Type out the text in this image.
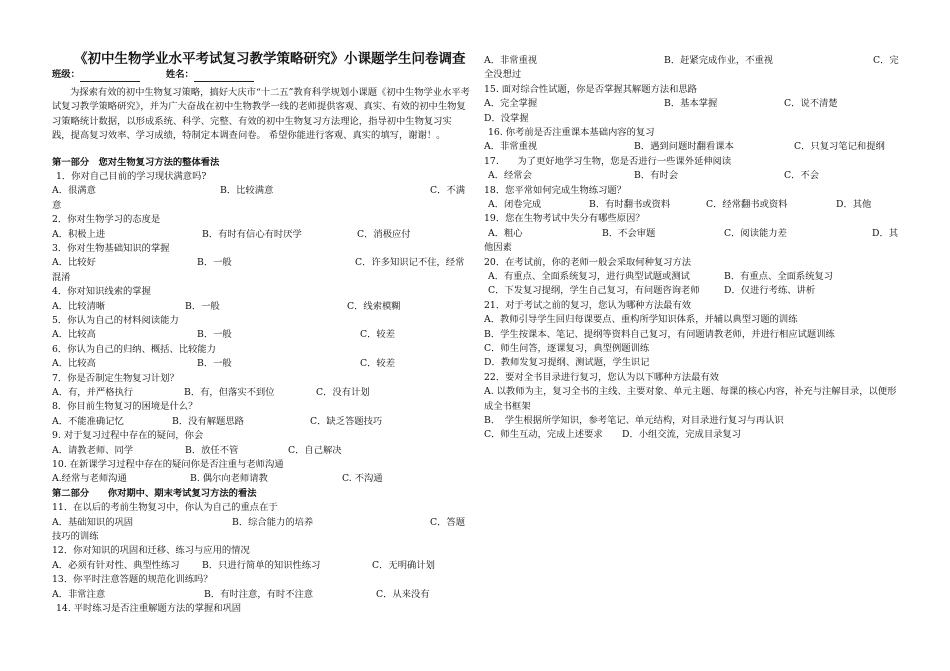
《初中生物学业水平考试复习教学策略研究》小课题学生问卷调查
班级：	姓名：
为探索有效的初中生物复习策略，搞好大庆市“十二五”教育科学规划小课题《初中生物学业水平考试复习教学策略研究》，并为广大奋战在初中生物教学一线的老师提供客观、真实、有效的初中生物复习策略统计数据，以形成系统、科学、完整、有效的初中生物复习方法理论，指导初中生物复习实践，提高复习效率、学习成绩，特制定本调查问卷。 希望你能进行客观、真实的填写，谢谢！。
第一部分　您对生物复习方法的整体看法
1．你对自己目前的学习现状满意吗?
A．很满意	B．比较满意	C．不满
意
2．你对生物学习的态度是
A．积极上进	B．有时有信心有时厌学	C．消极应付
3．你对生物基础知识的掌握
A．比较好	B．一般	C．许多知识记不住，经常
混淆
4．你对知识线索的掌握
A．比较清晰	B．一般	C．线索模糊
5．你认为自己的材料阅读能力
A．比较高	B．一般	C．较差
6．你认为自己的归纳、概括、比较能力
A．比较高	B．一般	C．较差
7．你是否制定生物复习计划？
A．有，并严格执行	B．有，但落实不到位	C．没有计划
8．你目前生物复习的困境是什么？
A．不能准确记忆	B．没有解题思路	C．缺乏答题技巧
9. 对于复习过程中存在的疑问，你会
A．请教老师、同学	B．放任不管	C．自己解决
10. 在新课学习过程中存在的疑问你是否注重与老师沟通
A.经常与老师沟通	B. 偶尔向老师请教	C. 不沟通
第二部分　　你对期中、期末考试复习方法的看法
11．在以后的考前生物复习中，你认为自己的重点在于
A．基础知识的巩固	B．综合能力的培养	C．答题
技巧的训练
12．你对知识的巩固和迁移、练习与应用的情况
A．必须有针对性、典型性练习 B．只进行简单的知识性练习	C．无明确计划
13．你平时注意答题的规范化训练吗？
A．非常注意	B．有时注意，有时不注意	C．从来没有
14. 平时练习是否注重解题方法的掌握和巩固
A．非常重视	B．赶紧完成作业，不重视	C．完
全没想过
15. 面对综合性试题，你是否掌握其解题方法和思路
A．完全掌握	B．基本掌握	C．说不清楚
D．没掌握
16. 你考前是否注重课本基础内容的复习
A．非常重视	B．遇到问题时翻看课本	C．只复习笔记和提纲
17.　　为了更好地学习生物，您是否进行一些课外延伸阅读
A．经常会	B．有时会	C．不会
18．您平常如何完成生物练习题？
A．闭卷完成	B．有时翻书或资料	C．经常翻书或资料	D．其他
19．您在生物考试中失分有哪些原因？
A．粗心	B．不会审题	C．阅读能力差	D．其
他因素
20．在考试前，你的老师一般会采取何种复习方法
A．有重点、全面系统复习，进行典型试题或测试	B．有重点、全面系统复习
C．下发复习提纲，学生自己复习，有问题咨询老师	D．仅进行考练、讲析
21．对于考试之前的复习，您认为哪种方法最有效
A．教师引导学生回归每课要点、重构所学知识体系，并辅以典型习题的训练
B．学生按课本、笔记、提纲等资料自己复习，有问题请教老师，并进行相应试题训练
C．师生问答，逐课复习，典型例题训练
D．教师发复习提纲、测试题，学生识记
22．要对全书目录进行复习，您认为以下哪种方法最有效
A. 以教师为主，复习全书的主线、主要对象、单元主题、每课的核心内容，补充与注解目录，以便形成全书框架
B．　学生根据所学知识，参考笔记、单元结构，对目录进行复习与再认识
C．师生互动，完成上述要求 D．小组交流，完成目录复习
